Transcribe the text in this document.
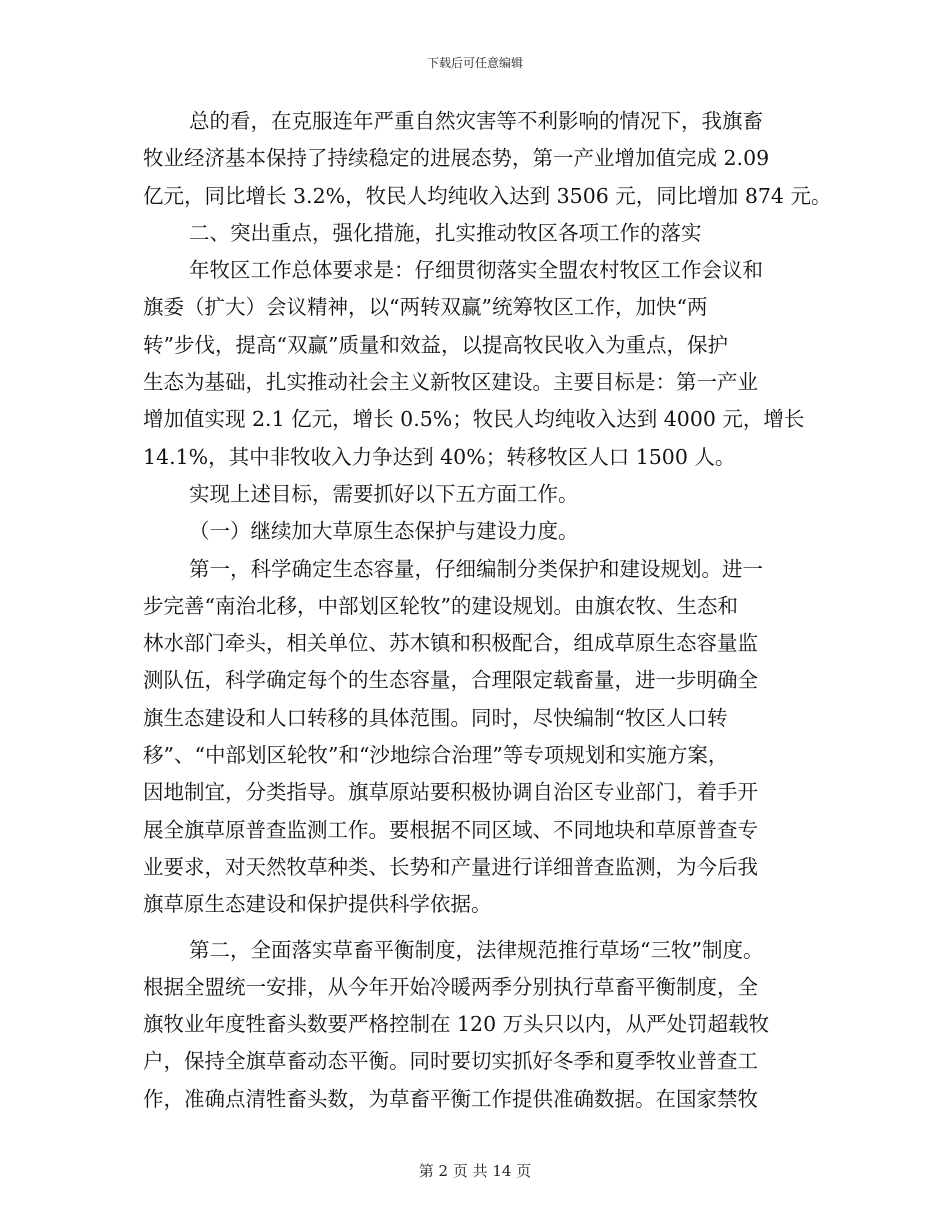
下载后可任意编辑
总的看，在克服连年严重自然灾害等不利影响的情况下，我旗畜
牧业经济基本保持了持续稳定的进展态势，第一产业增加值完成 2.09
亿元，同比增长 3.2%，牧民人均纯收入达到 3506 元，同比增加 874 元。
二、突出重点，强化措施，扎实推动牧区各项工作的落实
年牧区工作总体要求是：仔细贯彻落实全盟农村牧区工作会议和
旗委（扩大）会议精神，以“两转双赢”统筹牧区工作，加快“两
转”步伐，提高“双赢”质量和效益，以提高牧民收入为重点，保护
生态为基础，扎实推动社会主义新牧区建设。主要目标是：第一产业
增加值实现 2.1 亿元，增长 0.5%；牧民人均纯收入达到 4000 元，增长
14.1%，其中非牧收入力争达到 40%；转移牧区人口 1500 人。
实现上述目标，需要抓好以下五方面工作。
（一）继续加大草原生态保护与建设力度。
第一，科学确定生态容量，仔细编制分类保护和建设规划。进一
步完善“南治北移，中部划区轮牧”的建设规划。由旗农牧、生态和
林水部门牵头，相关单位、苏木镇和积极配合，组成草原生态容量监
测队伍，科学确定每个的生态容量，合理限定载畜量，进一步明确全
旗生态建设和人口转移的具体范围。同时，尽快编制“牧区人口转
移”、“中部划区轮牧”和“沙地综合治理”等专项规划和实施方案，
因地制宜，分类指导。旗草原站要积极协调自治区专业部门，着手开
展全旗草原普查监测工作。要根据不同区域、不同地块和草原普查专
业要求，对天然牧草种类、长势和产量进行详细普查监测，为今后我
旗草原生态建设和保护提供科学依据。
第二，全面落实草畜平衡制度，法律规范推行草场“三牧”制度。
根据全盟统一安排，从今年开始冷暖两季分别执行草畜平衡制度，全
旗牧业年度牲畜头数要严格控制在 120 万头只以内，从严处罚超载牧
户，保持全旗草畜动态平衡。同时要切实抓好冬季和夏季牧业普查工
作，准确点清牲畜头数，为草畜平衡工作提供准确数据。在国家禁牧
第 2 页 共 14 页
